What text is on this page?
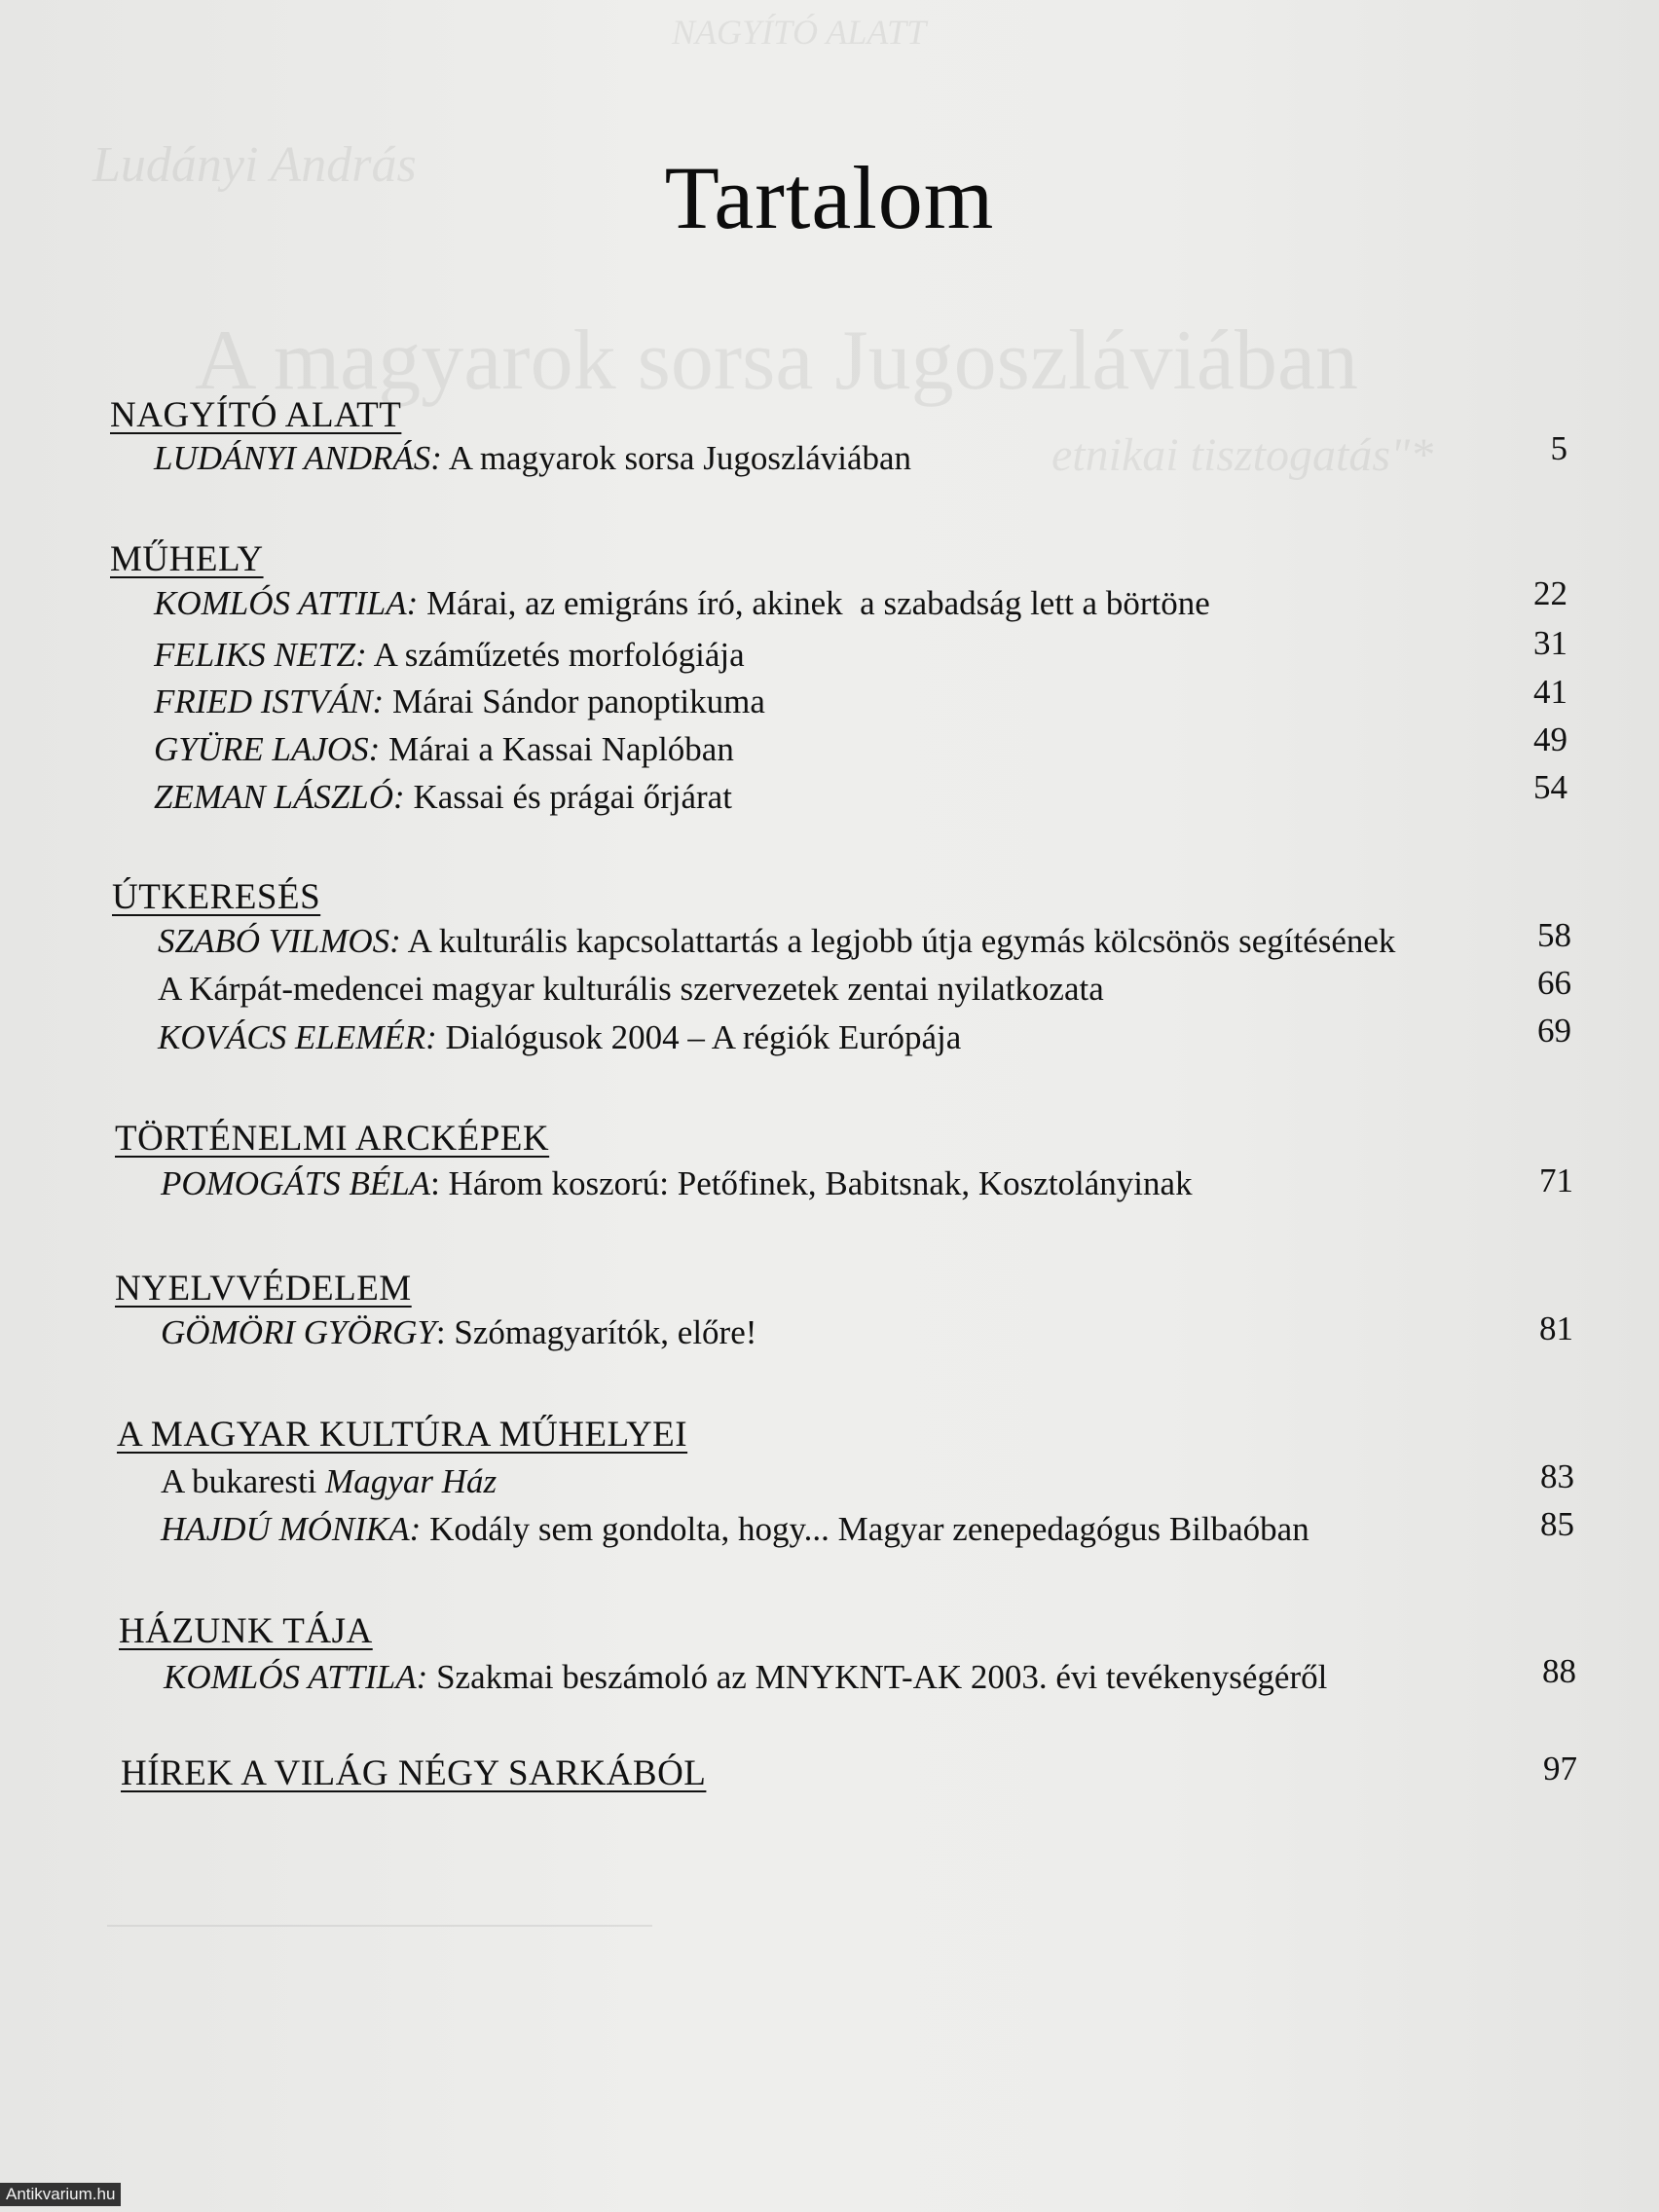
NAGYÍTÓ ALATT
Ludányi András
A magyarok sorsa Jugoszláviában
etnikai tisztogatás"*
Tartalom
NAGYÍTÓ ALATT
LUDÁNYI ANDRÁS: A magyarok sorsa Jugoszláviában	5
MŰHELY
KOMLÓS ATTILA: Márai, az emigráns író, akinek  a szabadság lett a börtöne	22
FELIKS NETZ: A száműzetés morfológiája	31
FRIED ISTVÁN: Márai Sándor panoptikuma	41
GYÜRE LAJOS: Márai a Kassai Naplóban	49
ZEMAN LÁSZLÓ: Kassai és prágai őrjárat	54
ÚTKERESÉS
SZABÓ VILMOS: A kulturális kapcsolattartás a legjobb útja egymás kölcsönös segítésének	58
A Kárpát-medencei magyar kulturális szervezetek zentai nyilatkozata	66
KOVÁCS ELEMÉR: Dialógusok 2004 – A régiók Európája	69
TÖRTÉNELMI ARCKÉPEK
POMOGÁTS BÉLA: Három koszorú: Petőfinek, Babitsnak, Kosztolányinak	71
NYELVVÉDELEM
GÖMÖRI GYÖRGY: Szómagyarítók, előre!	81
A MAGYAR KULTÚRA MŰHELYEI
A bukaresti Magyar Ház	83
HAJDÚ MÓNIKA: Kodály sem gondolta, hogy... Magyar zenepedagógus Bilbaóban	85
HÁZUNK TÁJA
KOMLÓS ATTILA: Szakmai beszámoló az MNYKNT-AK 2003. évi tevékenységéről	88
HÍREK A VILÁG NÉGY SARKÁBÓL	97
Antikvarium.hu
